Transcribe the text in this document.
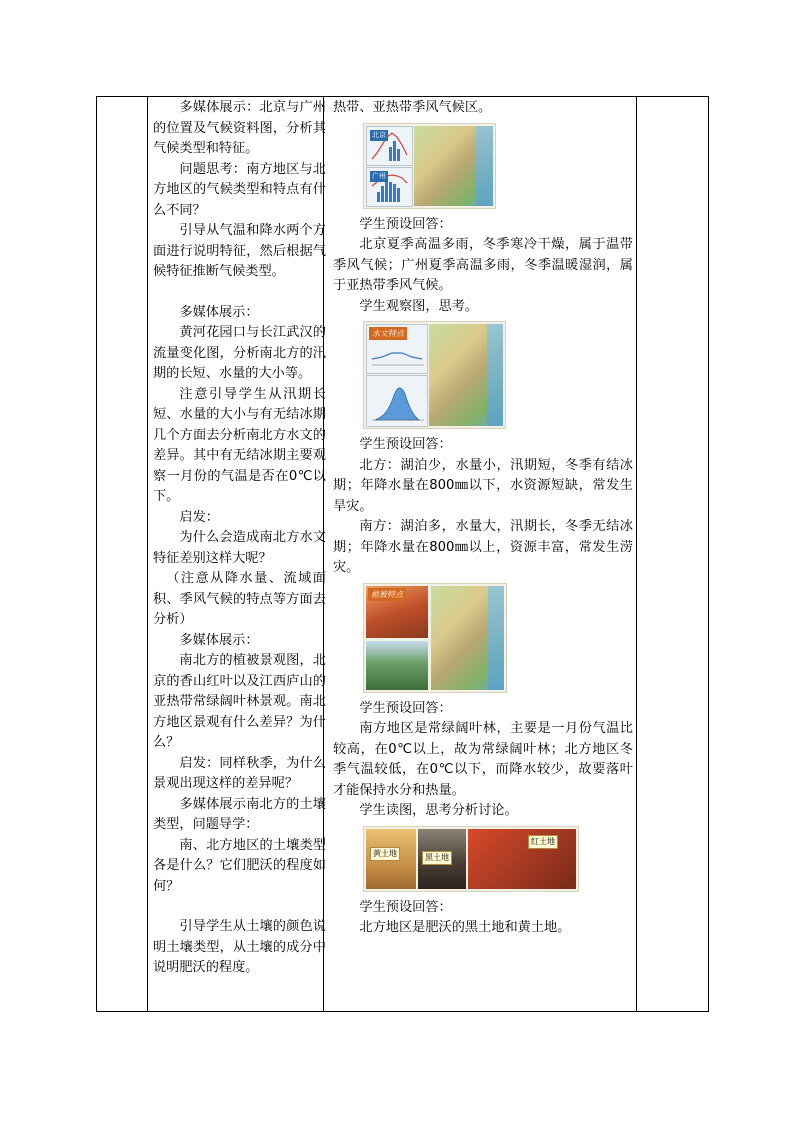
多媒体展示：北京与广州的位置及气候资料图，分析其气候类型和特征。

问题思考：南方地区与北方地区的气候类型和特点有什么不同？

引导从气温和降水两个方面进行说明特征，然后根据气候特征推断气候类型。

多媒体展示：

黄河花园口与长江武汉的流量变化图，分析南北方的汛期的长短、水量的大小等。

注意引导学生从汛期长短、水量的大小与有无结冰期几个方面去分析南北方水文的差异。其中有无结冰期主要观察一月份的气温是否在0℃以下。

启发：

为什么会造成南北方水文特征差别这样大呢？

（注意从降水量、流域面积、季风气候的特点等方面去分析）

多媒体展示：

南北方的植被景观图，北京的香山红叶以及江西庐山的亚热带常绿阔叶林景观。南北方地区景观有什么差异？为什么？

启发：同样秋季，为什么景观出现这样的差异呢？

多媒体展示南北方的土壤类型，问题导学：

南、北方地区的土壤类型各是什么？它们肥沃的程度如何？

引导学生从土壤的颜色说明土壤类型，从土壤的成分中说明肥沃的程度。

热带、亚热带季风气候区。

北京
广州

学生预设回答：

北京夏季高温多雨，冬季寒冷干燥，属于温带季风气候；广州夏季高温多雨，冬季温暖湿润，属于亚热带季风气候。

学生观察图，思考。

水文特点

学生预设回答：

北方：湖泊少，水量小，汛期短，冬季有结冰期；年降水量在800㎜以下，水资源短缺，常发生旱灾。

南方：湖泊多，水量大，汛期长，冬季无结冰期；年降水量在800㎜以上，资源丰富，常发生涝灾。

植被特点

学生预设回答：

南方地区是常绿阔叶林，主要是一月份气温比较高，在0℃以上，故为常绿阔叶林；北方地区冬季气温较低，在0℃以下，而降水较少，故要落叶才能保持水分和热量。

学生读图，思考分析讨论。

黄土地	黑土地
红土地

学生预设回答：

北方地区是肥沃的黑土地和黄土地。
